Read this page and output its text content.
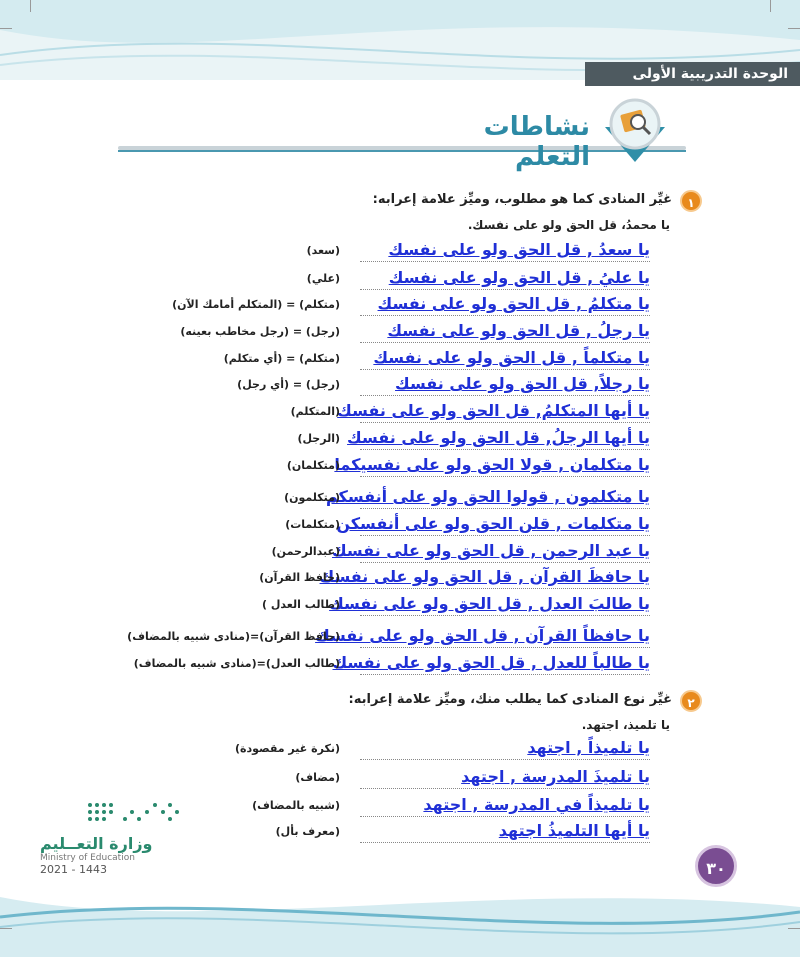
الوحدة التدريبية الأولى
نشاطات التعلم
١
غيِّر المنادى كما هو مطلوب، وميِّز علامة إعرابه:
يا محمدُ، قل الحق ولو على نفسك.
يا سعدُ , قل الحق ولو على نفسك
(سعد)
يا عليُ , قل الحق ولو على نفسك
(علي)
يا متكلمُ , قل الحق ولو على نفسك
(متكلم) = (المتكلم أمامك الآن)
يا رجلُ , قل الحق ولو على نفسك
(رجل) = (رجل مخاطب بعينه)
يا متكلماً , قل الحق ولو على نفسك
(متكلم) = (أي متكلم)
يا رجلاً, قل الحق ولو على نفسك
(رجل) = (أي رجل)
يا أيها المتكلمُ, قل الحق ولو على نفسك
(المتكلم)
يا أيها الرجلُ, قل الحق ولو على نفسك
(الرجل)
يا متكلمان , قولا الحق ولو على نفسيكما
(متكلمان)
يا متكلمون , قولوا الحق ولو على أنفسكم
(متكلمون)
يا متكلمات , قلن الحق ولو على أنفسكن
(متكلمات)
يا عبد الرحمن , قل الحق ولو على نفسك
(عبدالرحمن)
يا حافظَ القرآن , قل الحق ولو على نفسك
(حافظ القرآن)
يا طالبَ العدل , قل الحق ولو على نفسك
(طالب العدل )
يا حافظاً القرآن , قل الحق ولو على نفسك
(حافظ القرآن)=(منادى شبيه بالمضاف)
يا طالباً للعدل , قل الحق ولو على نفسك
(طالب العدل)=(منادى شبيه بالمضاف)
٢
غيِّر نوع المنادى كما يطلب منك، وميِّز علامة إعرابه:
يا تلميذ، اجتهد.
يا تلميذاً , اجتهد
(نكرة غير مقصودة)
يا تلميذَ المدرسة , اجتهد
(مضاف)
يا تلميذاً في المدرسة , اجتهد
(شبيه بالمضاف)
يا أيها التلميذُ اجتهد
(معرف بأل)
٣٠
وزارة التعــليم
Ministry of Education
2021 - 1443
